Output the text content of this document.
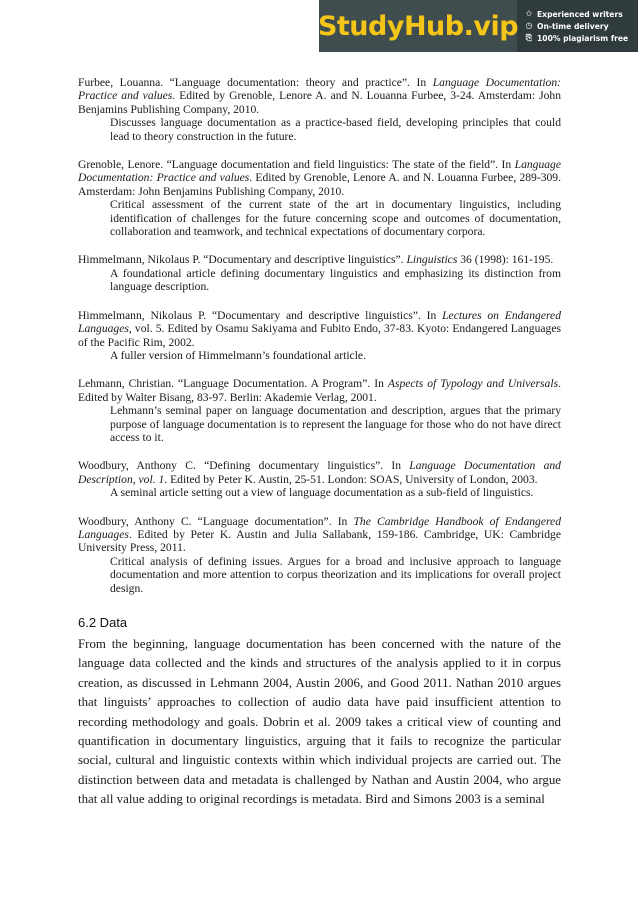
StudyHub.vip ✩ Experienced writers
◷ On-time delivery
⎘ 100% plagiarism free
Furbee, Louanna. “Language documentation: theory and practice”. In Language Documentation: Practice and values. Edited by Grenoble, Lenore A. and N. Louanna Furbee, 3-24. Amsterdam: John Benjamins Publishing Company, 2010.
Discusses language documentation as a practice-based field, developing principles that could lead to theory construction in the future.
Grenoble, Lenore. “Language documentation and field linguistics: The state of the field”. In Language Documentation: Practice and values. Edited by Grenoble, Lenore A. and N. Louanna Furbee, 289-309. Amsterdam: John Benjamins Publishing Company, 2010.
Critical assessment of the current state of the art in documentary linguistics, including identification of challenges for the future concerning scope and outcomes of documentation, collaboration and teamwork, and technical expectations of documentary corpora.
Himmelmann, Nikolaus P. “Documentary and descriptive linguistics”. Linguistics 36 (1998): 161-195.
A foundational article defining documentary linguistics and emphasizing its distinction from language description.
Himmelmann, Nikolaus P. “Documentary and descriptive linguistics”. In Lectures on Endangered Languages, vol. 5. Edited by Osamu Sakiyama and Fubito Endo, 37-83. Kyoto: Endangered Languages of the Pacific Rim, 2002.
A fuller version of Himmelmann’s foundational article.
Lehmann, Christian. “Language Documentation. A Program”. In Aspects of Typology and Universals. Edited by Walter Bisang, 83-97. Berlin: Akademie Verlag, 2001.
Lehmann’s seminal paper on language documentation and description, argues that the primary purpose of language documentation is to represent the language for those who do not have direct access to it.
Woodbury, Anthony C. “Defining documentary linguistics”. In Language Documentation and Description, vol. 1. Edited by Peter K. Austin, 25-51. London: SOAS, University of London, 2003.
A seminal article setting out a view of language documentation as a sub-field of linguistics.
Woodbury, Anthony C. “Language documentation”. In The Cambridge Handbook of Endangered Languages. Edited by Peter K. Austin and Julia Sallabank, 159-186. Cambridge, UK: Cambridge University Press, 2011.
Critical analysis of defining issues. Argues for a broad and inclusive approach to language documentation and more attention to corpus theorization and its implications for overall project design.
6.2 Data
From the beginning, language documentation has been concerned with the nature of the language data collected and the kinds and structures of the analysis applied to it in corpus creation, as discussed in Lehmann 2004, Austin 2006, and Good 2011. Nathan 2010 argues that linguists’ approaches to collection of audio data have paid insufficient attention to recording methodology and goals. Dobrin et al. 2009 takes a critical view of counting and quantification in documentary linguistics, arguing that it fails to recognize the particular social, cultural and linguistic contexts within which individual projects are carried out. The distinction between data and metadata is challenged by Nathan and Austin 2004, who argue that all value adding to original recordings is metadata. Bird and Simons 2003 is a seminal
